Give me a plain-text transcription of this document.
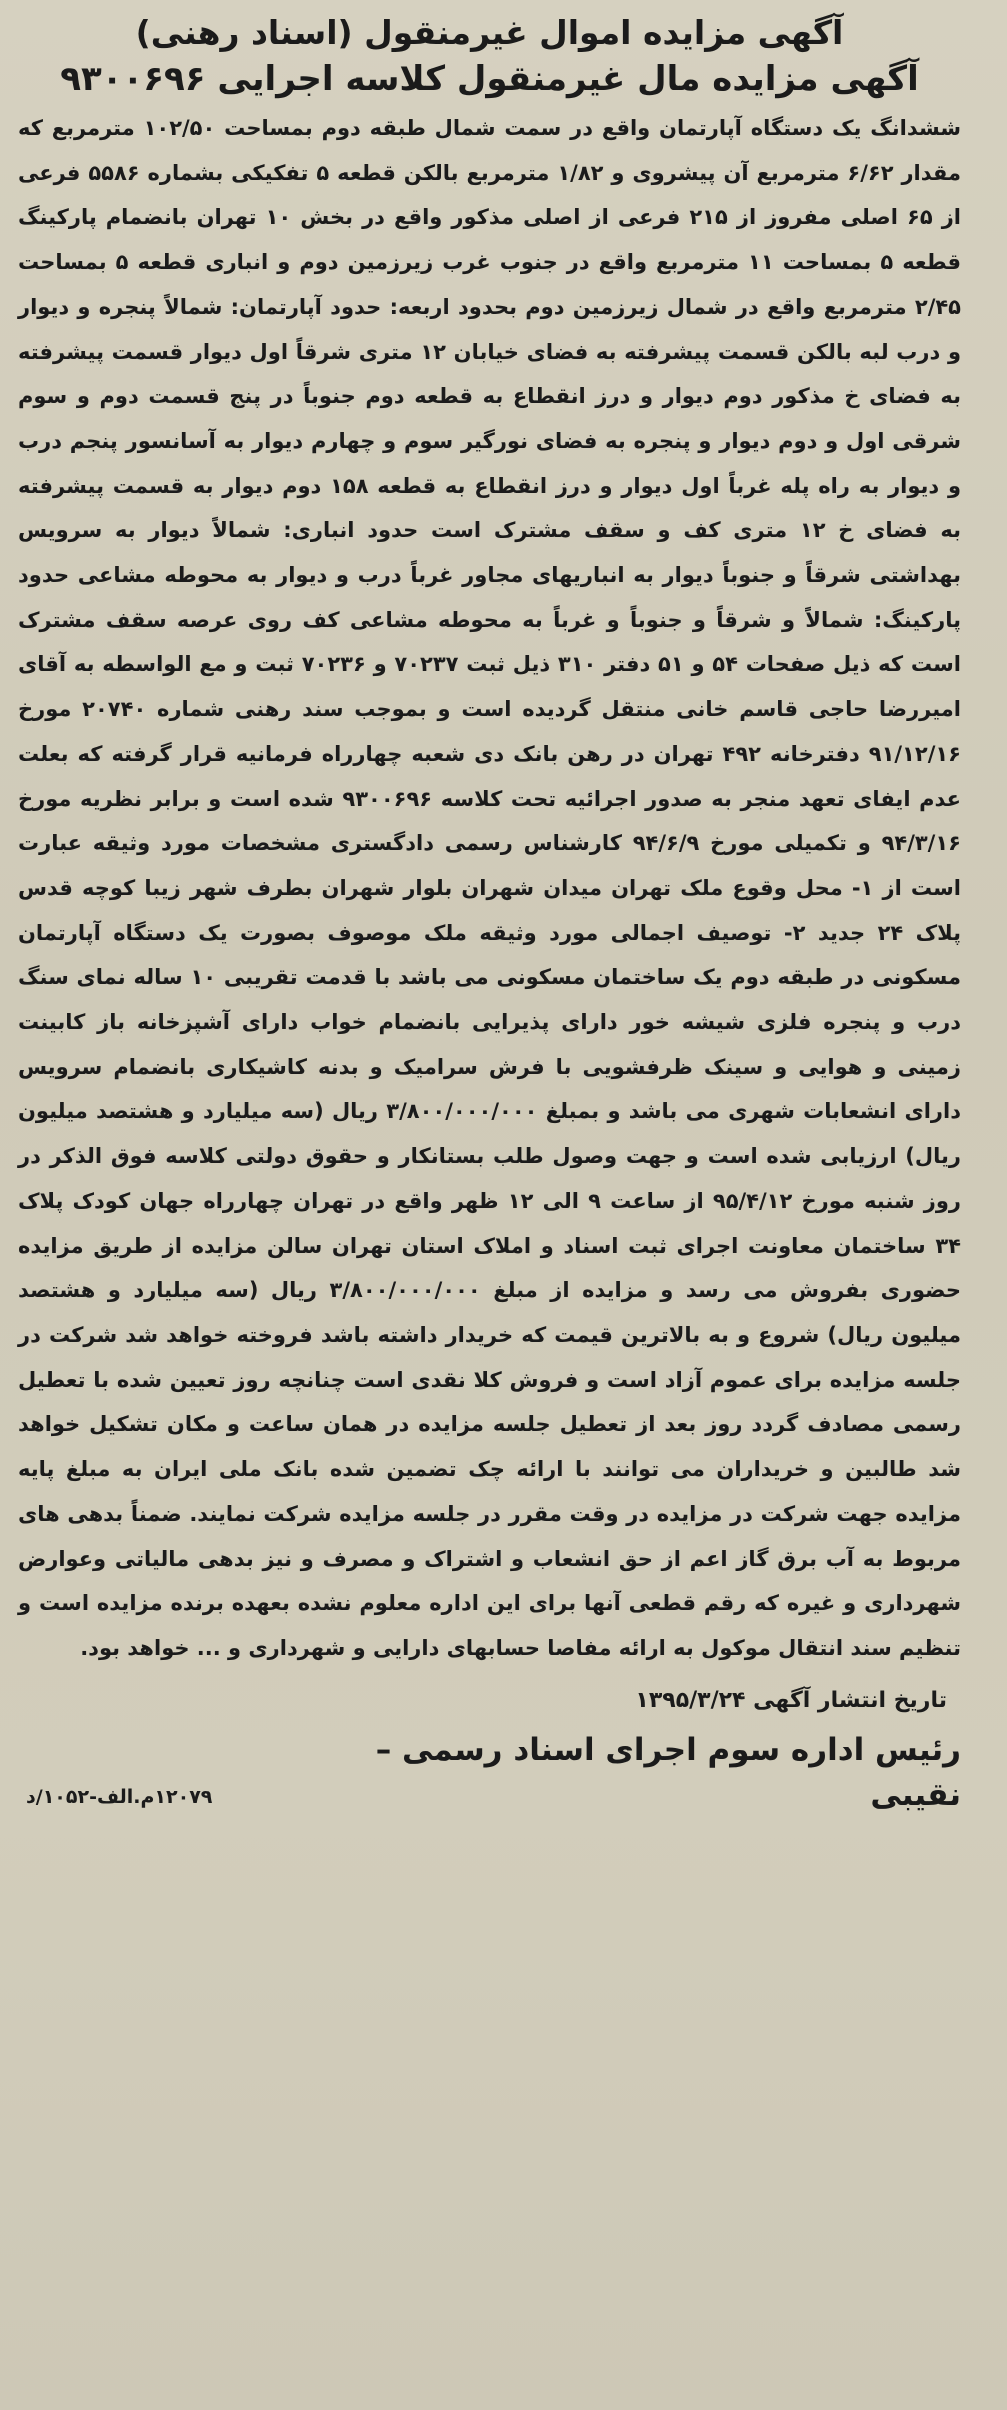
آگهی مزایده اموال غیرمنقول (اسناد رهنی)
آگهی مزایده مال غیرمنقول کلاسه اجرایی ۹۳۰۰۶۹۶

ششدانگ یک دستگاه آپارتمان واقع در سمت شمال طبقه دوم بمساحت ۱۰۲/۵۰ مترمربع که مقدار ۶/۶۲ مترمربع آن پیشروی و ۱/۸۲ مترمربع بالکن قطعه ۵ تفکیکی بشماره ۵۵۸۶ فرعی از ۶۵ اصلی مفروز از ۲۱۵ فرعی از اصلی مذکور واقع در بخش ۱۰ تهران بانضمام پارکینگ قطعه ۵ بمساحت ۱۱ مترمربع واقع در جنوب غرب زیرزمین دوم و انباری قطعه ۵ بمساحت ۲/۴۵ مترمربع واقع در شمال زیرزمین دوم بحدود اربعه: حدود آپارتمان: شمالاً پنجره و دیوار و درب لبه بالکن قسمت پیشرفته به فضای خیابان ۱۲ متری شرقاً اول دیوار قسمت پیشرفته به فضای خ مذکور دوم دیوار و درز انقطاع به قطعه دوم جنوباً در پنج قسمت دوم و سوم شرقی اول و دوم دیوار و پنجره به فضای نورگیر سوم و چهارم دیوار به آسانسور پنجم درب و دیوار به راه پله غرباً اول دیوار و درز انقطاع به قطعه ۱۵۸ دوم دیوار به قسمت پیشرفته به فضای خ ۱۲ متری کف و سقف مشترک است حدود انباری: شمالاً دیوار به سرویس بهداشتی شرقاً و جنوباً دیوار به انباریهای مجاور غرباً درب و دیوار به محوطه مشاعی حدود پارکینگ: شمالاً و شرقاً و جنوباً و غرباً به محوطه مشاعی کف روی عرصه سقف مشترک است که ذیل صفحات ۵۴ و ۵۱ دفتر ۳۱۰ ذیل ثبت ۷۰۲۳۷ و ۷۰۲۳۶ ثبت و مع الواسطه به آقای امیررضا حاجی قاسم خانی منتقل گردیده است و بموجب سند رهنی شماره ۲۰۷۴۰ مورخ ۹۱/۱۲/۱۶ دفترخانه ۴۹۲ تهران در رهن بانک دی شعبه چهارراه فرمانیه قرار گرفته که بعلت عدم ایفای تعهد منجر به صدور اجرائیه تحت کلاسه ۹۳۰۰۶۹۶ شده است و برابر نظریه مورخ ۹۴/۳/۱۶ و تکمیلی مورخ ۹۴/۶/۹ کارشناس رسمی دادگستری مشخصات مورد وثیقه عبارت است از ۱- محل وقوع ملک تهران میدان شهران بلوار شهران بطرف شهر زیبا کوچه قدس پلاک ۲۴ جدید ۲- توصیف اجمالی مورد وثیقه ملک موصوف بصورت یک دستگاه آپارتمان مسکونی در طبقه دوم یک ساختمان مسکونی می باشد با قدمت تقریبی ۱۰ ساله نمای سنگ درب و پنجره فلزی شیشه خور دارای پذیرایی بانضمام خواب دارای آشپزخانه باز کابینت زمینی و هوایی و سینک ظرفشویی با فرش سرامیک و بدنه کاشیکاری بانضمام سرویس دارای انشعابات شهری می باشد و بمبلغ ۳/۸۰۰/۰۰۰/۰۰۰ ریال (سه میلیارد و هشتصد میلیون ریال) ارزیابی شده است و جهت وصول طلب بستانکار و حقوق دولتی کلاسه فوق الذکر در روز شنبه مورخ ۹۵/۴/۱۲ از ساعت ۹ الی ۱۲ ظهر واقع در تهران چهارراه جهان کودک پلاک ۳۴ ساختمان معاونت اجرای ثبت اسناد و املاک استان تهران سالن مزایده از طریق مزایده حضوری بفروش می رسد و مزایده از مبلغ ۳/۸۰۰/۰۰۰/۰۰۰ ریال (سه میلیارد و هشتصد میلیون ریال) شروع و به بالاترین قیمت که خریدار داشته باشد فروخته خواهد شد شرکت در جلسه مزایده برای عموم آزاد است و فروش کلا نقدی است چنانچه روز تعیین شده با تعطیل رسمی مصادف گردد روز بعد از تعطیل جلسه مزایده در همان ساعت و مکان تشکیل خواهد شد طالبین و خریداران می توانند با ارائه چک تضمین شده بانک ملی ایران به مبلغ پایه مزایده جهت شرکت در مزایده در وقت مقرر در جلسه مزایده شرکت نمایند. ضمناً بدهی های مربوط به آب برق گاز اعم از حق انشعاب و اشتراک و مصرف و نیز بدهی مالیاتی وعوارض شهرداری و غیره که رقم قطعی آنها برای این اداره معلوم نشده بعهده برنده مزایده است و تنظیم سند انتقال موکول به ارائه مفاصا حسابهای دارایی و شهرداری و ... خواهد بود.

تاریخ انتشار آگهی ۱۳۹۵/۳/۲۴
رئیس اداره سوم اجرای اسناد رسمی –
نقیبی
۱۲۰۷۹م.الف-۱۰۵۲/د
